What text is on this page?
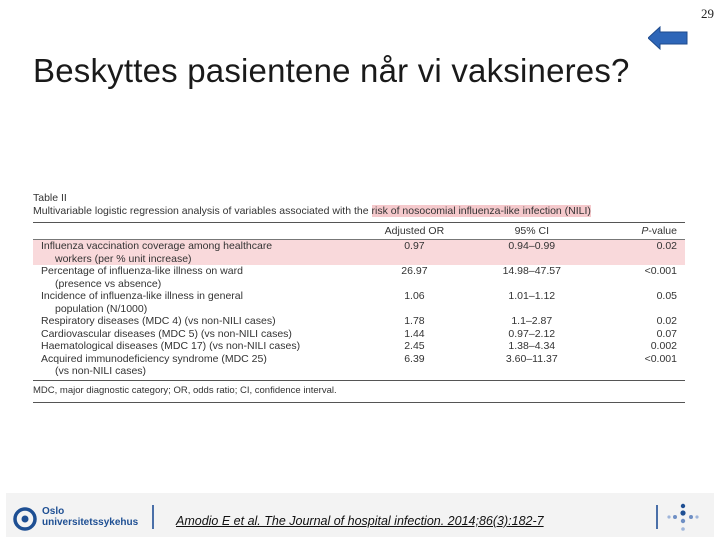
29
Beskyttes pasientene når vi vaksineres?
Table II
Multivariable logistic regression analysis of variables associated with the risk of nosocomial influenza-like infection (NILI)
	Adjusted OR	95% CI	P-value

Influenza vaccination coverage among healthcare
workers (per % unit increase)	0.97	0.94–0.99	0.02

Percentage of influenza-like illness on ward
(presence vs absence)	26.97	14.98–47.57	<0.001

Incidence of influenza-like illness in general
population (N/1000)	1.06	1.01–1.12	0.05

Respiratory diseases (MDC 4) (vs non-NILI cases)	1.78	1.1–2.87	0.02

Cardiovascular diseases (MDC 5) (vs non-NILI cases)	1.44	0.97–2.12	0.07

Haematological diseases (MDC 17) (vs non-NILI cases)	2.45	1.38–4.34	0.002

Acquired immunodeficiency syndrome (MDC 25)
(vs non-NILI cases)	6.39	3.60–11.37	<0.001
MDC, major diagnostic category; OR, odds ratio; CI, confidence interval.
Oslo
universitetssykehus	Amodio E et al. The Journal of hospital infection. 2014;86(3):182-7
